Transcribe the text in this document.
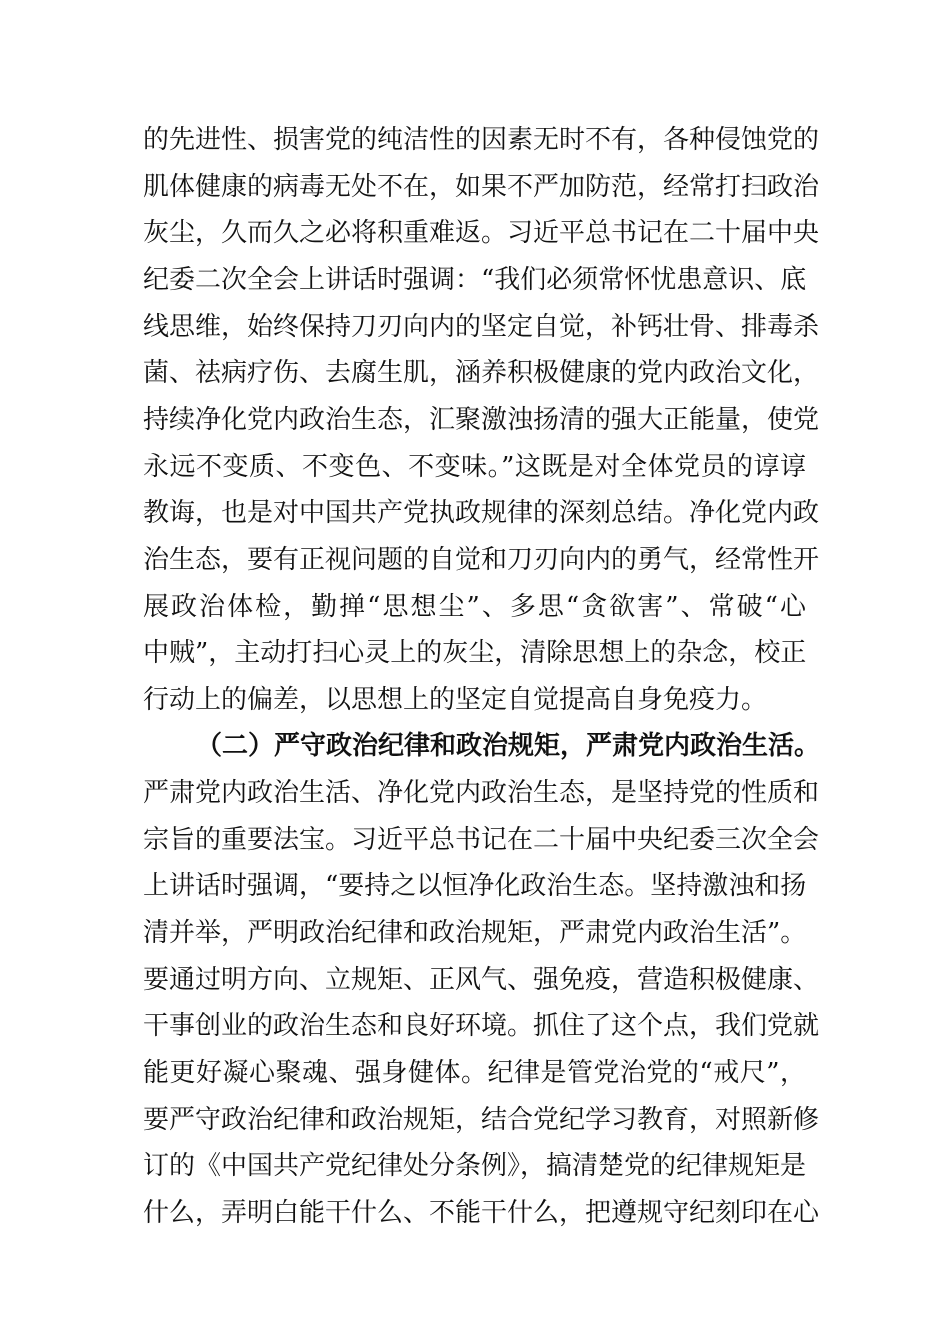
的先进性、损害党的纯洁性的因素无时不有，各种侵蚀党的
肌体健康的病毒无处不在，如果不严加防范，经常打扫政治
灰尘，久而久之必将积重难返。习近平总书记在二十届中央
纪委二次全会上讲话时强调：“我们必须常怀忧患意识、底
线思维，始终保持刀刃向内的坚定自觉，补钙壮骨、排毒杀
菌、祛病疗伤、去腐生肌，涵养积极健康的党内政治文化，
持续净化党内政治生态，汇聚激浊扬清的强大正能量，使党
永远不变质、不变色、不变味。”这既是对全体党员的谆谆
教诲，也是对中国共产党执政规律的深刻总结。净化党内政
治生态，要有正视问题的自觉和刀刃向内的勇气，经常性开
展政治体检，勤掸“思想尘”、多思“贪欲害”、常破“心
中贼”，主动打扫心灵上的灰尘，清除思想上的杂念，校正
行动上的偏差，以思想上的坚定自觉提高自身免疫力。
（二）严守政治纪律和政治规矩，严肃党内政治生活。
严肃党内政治生活、净化党内政治生态，是坚持党的性质和
宗旨的重要法宝。习近平总书记在二十届中央纪委三次全会
上讲话时强调，“要持之以恒净化政治生态。坚持激浊和扬
清并举，严明政治纪律和政治规矩，严肃党内政治生活”。
要通过明方向、立规矩、正风气、强免疫，营造积极健康、
干事创业的政治生态和良好环境。抓住了这个点，我们党就
能更好凝心聚魂、强身健体。纪律是管党治党的“戒尺”，
要严守政治纪律和政治规矩，结合党纪学习教育，对照新修
订的《中国共产党纪律处分条例》，搞清楚党的纪律规矩是
什么，弄明白能干什么、不能干什么，把遵规守纪刻印在心
